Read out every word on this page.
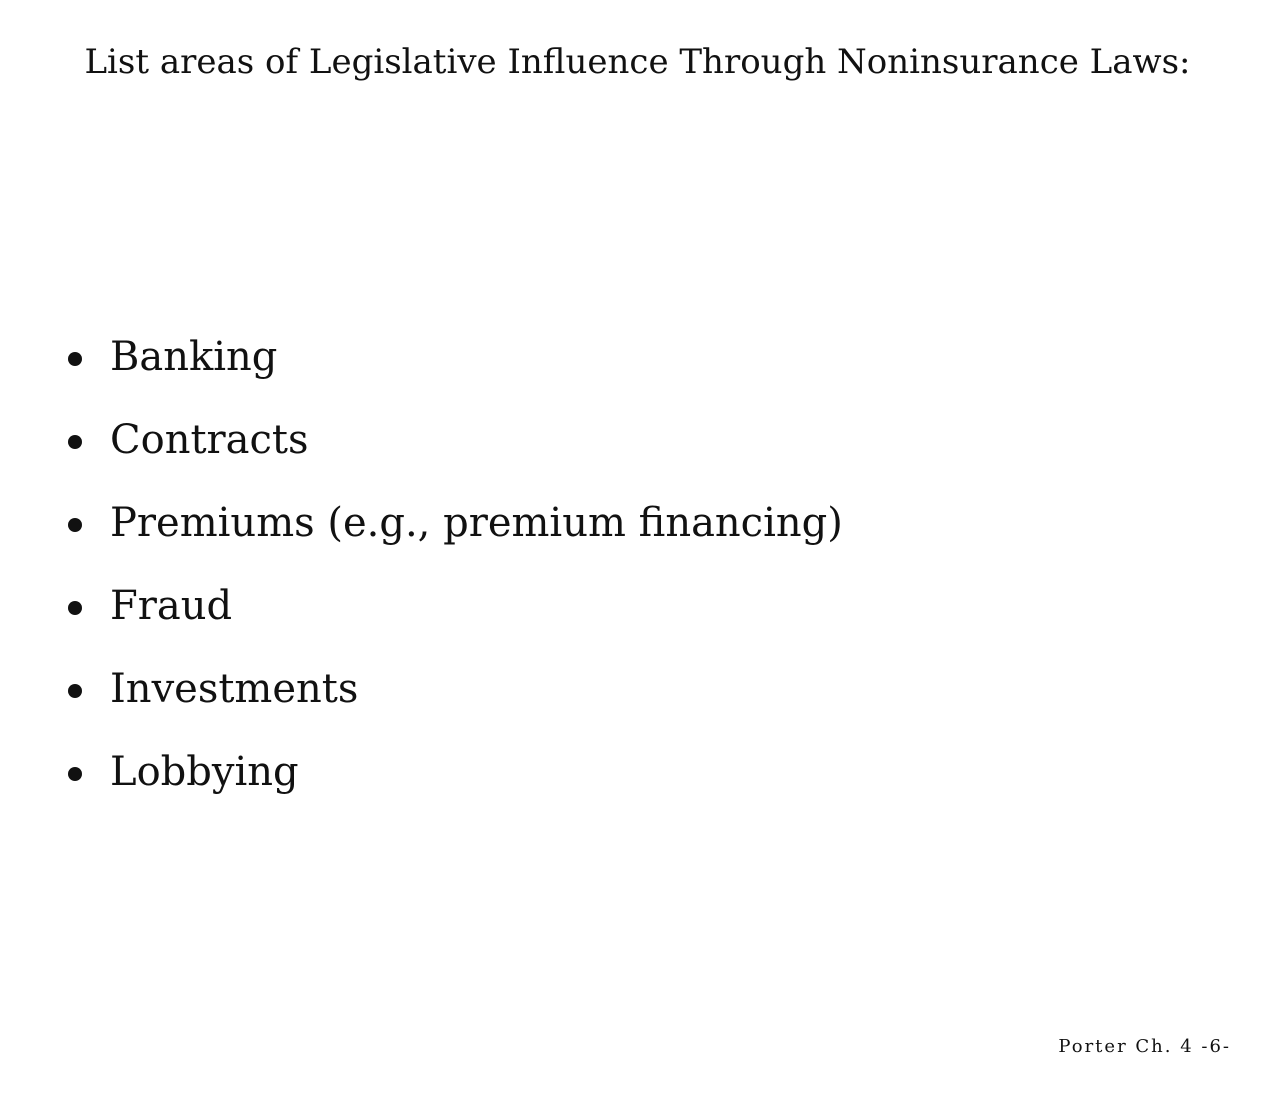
List areas of Legislative Influence Through Noninsurance Laws:
Banking
Contracts
Premiums (e.g., premium financing)
Fraud
Investments
Lobbying
Porter Ch. 4 -6-
